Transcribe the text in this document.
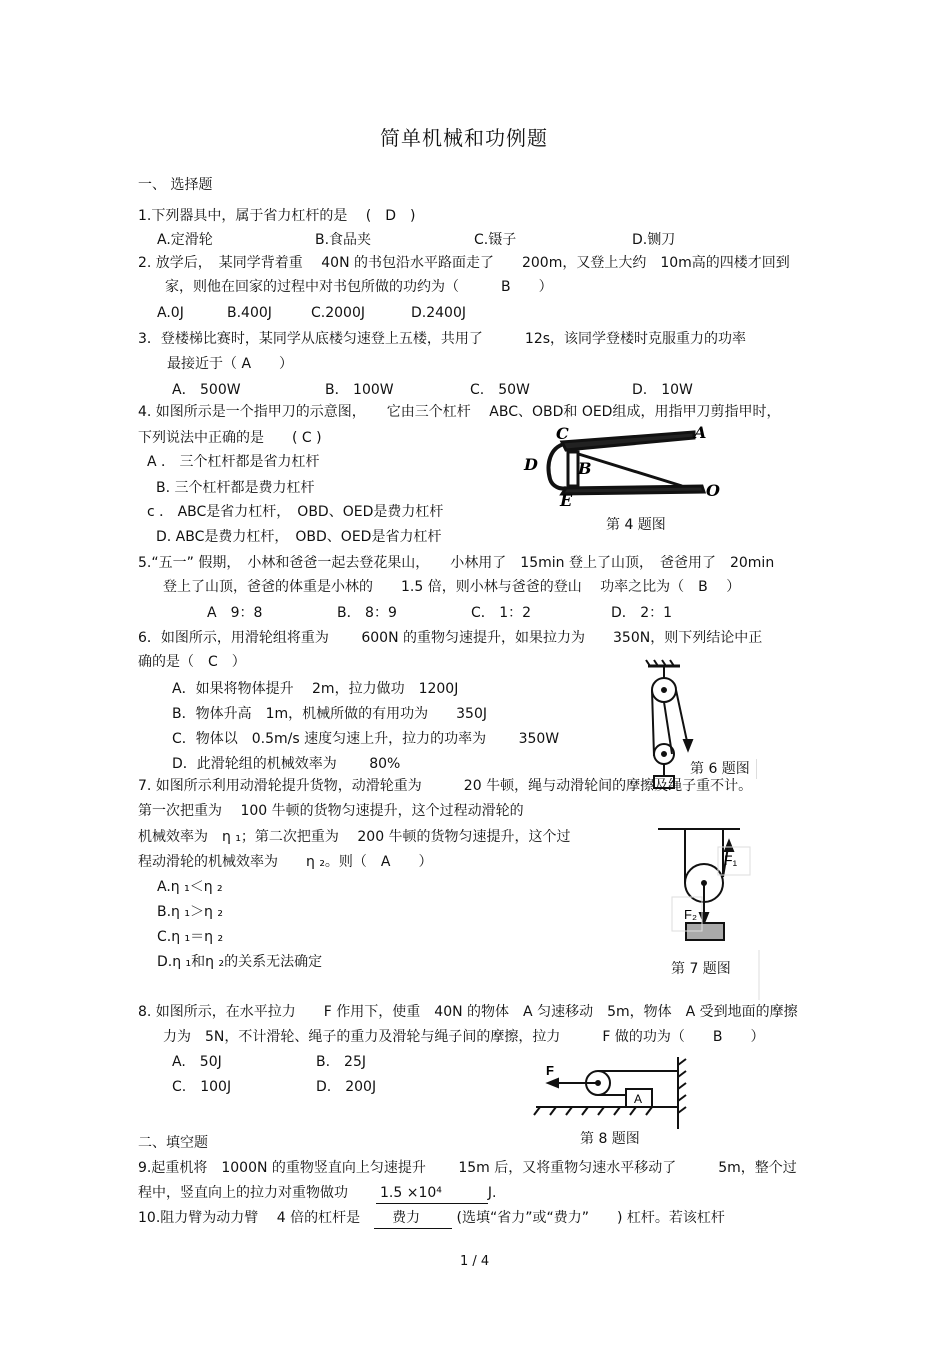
简单机械和功例题
一、 选择题
1.下列器具中，属于省力杠杆的是　 (　D　)
A.定滑轮	B.食品夹	C.镊子	D.铡刀
2. 放学后，　某同学背着重　 40N 的书包沿水平路面走了　　200m，又登上大约　10m高的四楼才回到
家，则他在回家的过程中对书包所做的功约为（　　　B　　）
A.0J	B.400J	C.2000J	D.2400J
3．登楼梯比赛时，某同学从底楼匀速登上五楼，共用了　　　12s，该同学登楼时克服重力的功率
最接近于（ A　　）
A． 500W	B． 100W	C.　50W	D.　10W
4. 如图所示是一个指甲刀的示意图，　　它由三个杠杆　 ABC、OBD和 OED组成，用指甲刀剪指甲时，
下列说法中正确的是　　( C )
A ． 三个杠杆都是省力杠杆
B. 三个杠杆都是费力杠杆
c ． ABC是省力杠杆，　OBD、OED是费力杠杆
D. ABC是费力杠杆，　OBD、OED是省力杠杆
C	A
D	B
E
O
第 4 题图
5.“五一” 假期，　小林和爸爸一起去登花果山，　　小林用了　15min 登上了山顶，　爸爸用了　20min
登上了山顶，爸爸的体重是小林的　　1.5 倍，则小林与爸爸的登山　 功率之比为（　B　 ）
A　9：8	B． 8：9	C． 1：2	D． 2：1
6．如图所示，用滑轮组将重为　　 600N 的重物匀速提升，如果拉力为　　350N，则下列结论中正
确的是（　C　）
A．如果将物体提升　 2m，拉力做功　1200J
B．物体升高　1m，机械所做的有用功为　　350J
C．物体以　0.5m/s 速度匀速上升，拉力的功率为　　 350W
D．此滑轮组的机械效率为　　 80%	第 6 题图
7. 如图所示利用动滑轮提升货物，动滑轮重为　　　20 牛顿，绳与动滑轮间的摩擦及绳子重不计。
第一次把重为　 100 牛顿的货物匀速提升，这个过程动滑轮的
机械效率为　η ₁；第二次把重为　 200 牛顿的货物匀速提升，这个过
程动滑轮的机械效率为　　η ₂。则（　A　　）
A.η ₁＜η ₂
B.η ₁＞η ₂
C.η ₁＝η ₂
D.η ₁和η ₂的关系无法确定
F₁
F₂
第 7 题图
8. 如图所示，在水平拉力　　F 作用下，使重　40N 的物体　A 匀速移动　5m，物体　A 受到地面的摩擦
力为　5N，不计滑轮、绳子的重力及滑轮与绳子间的摩擦，拉力　　　F 做的功为（　　B　　）
A.　50J	B.　25J
C.　100J	D.　200J
F
A
第 8 题图
二、填空题
9.起重机将　1000N 的重物竖直向上匀速提升　　 15m 后，又将重物匀速水平移动了　　　5m，整个过
程中，竖直向上的拉力对重物做功　　1.5 ×10⁴　　　	J.
10.阻力臂为动力臂　 4 倍的杠杆是　　 费力　　	(选填“省力”或“费力”　　) 杠杆。若该杠杆
1 / 4
